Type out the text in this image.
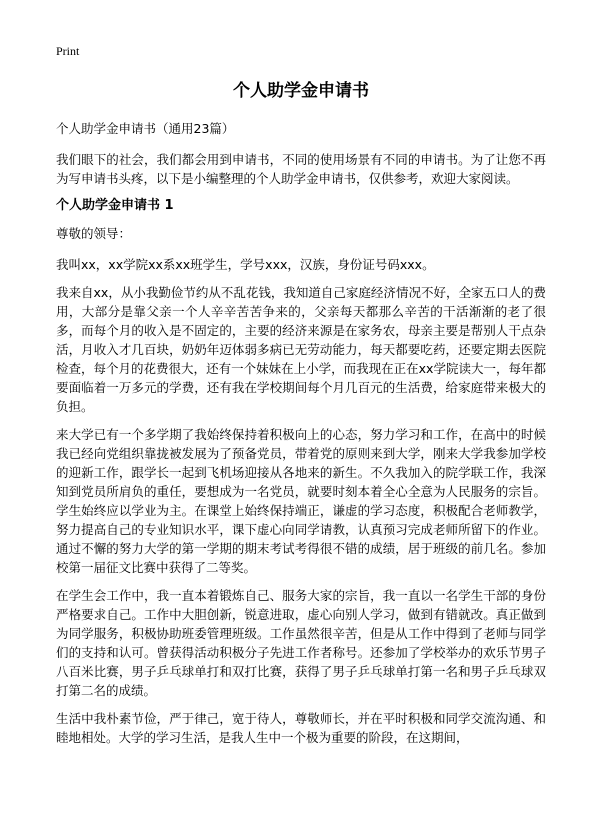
Print
个人助学金申请书
个人助学金申请书（通用23篇）

我们眼下的社会，我们都会用到申请书，不同的使用场景有不同的申请书。为了让您不再为写申请书头疼，以下是小编整理的个人助学金申请书，仅供参考，欢迎大家阅读。

个人助学金申请书 1
尊敬的领导：

我叫xx，xx学院xx系xx班学生，学号xxx，汉族，身份证号码xxx。

我来自xx，从小我勤俭节约从不乱花钱，我知道自己家庭经济情况不好，全家五口人的费用，大部分是靠父亲一个人辛辛苦苦争来的，父亲每天都那么辛苦的干活渐渐的老了很多，而每个月的收入是不固定的，主要的经济来源是在家务农，母亲主要是帮别人干点杂活，月收入才几百块，奶奶年迈体弱多病已无劳动能力，每天都要吃药，还要定期去医院检查，每个月的花费很大，还有一个妹妹在上小学，而我现在正在xx学院读大一，每年都要面临着一万多元的学费，还有我在学校期间每个月几百元的生活费，给家庭带来极大的负担。

来大学已有一个多学期了我始终保持着积极向上的心态，努力学习和工作，在高中的时候我已经向党组织靠拢被发展为了预备党员，带着党的原则来到大学，刚来大学我参加学校的迎新工作，跟学长一起到飞机场迎接从各地来的新生。不久我加入的院学联工作，我深知到党员所肩负的重任，要想成为一名党员，就要时刻本着全心全意为人民服务的宗旨。学生始终应以学业为主。在课堂上始终保持端正，谦虚的学习态度，积极配合老师教学，努力提高自己的专业知识水平，课下虚心向同学请教，认真预习完成老师所留下的作业。通过不懈的努力大学的第一学期的期末考试考得很不错的成绩，居于班级的前几名。参加校第一届征文比赛中获得了二等奖。

在学生会工作中，我一直本着锻炼自己、服务大家的宗旨，我一直以一名学生干部的身份严格要求自己。工作中大胆创新，锐意进取，虚心向别人学习，做到有错就改。真正做到为同学服务，积极协助班委管理班级。工作虽然很辛苦，但是从工作中得到了老师与同学们的支持和认可。曾获得活动积极分子先进工作者称号。还参加了学校举办的欢乐节男子八百米比赛，男子乒乓球单打和双打比赛，获得了男子乒乓球单打第一名和男子乒乓球双打第二名的成绩。

生活中我朴素节俭，严于律己，宽于待人，尊敬师长，并在平时积极和同学交流沟通、和睦地相处。大学的学习生活，是我人生中一个极为重要的阶段，在这期间，
